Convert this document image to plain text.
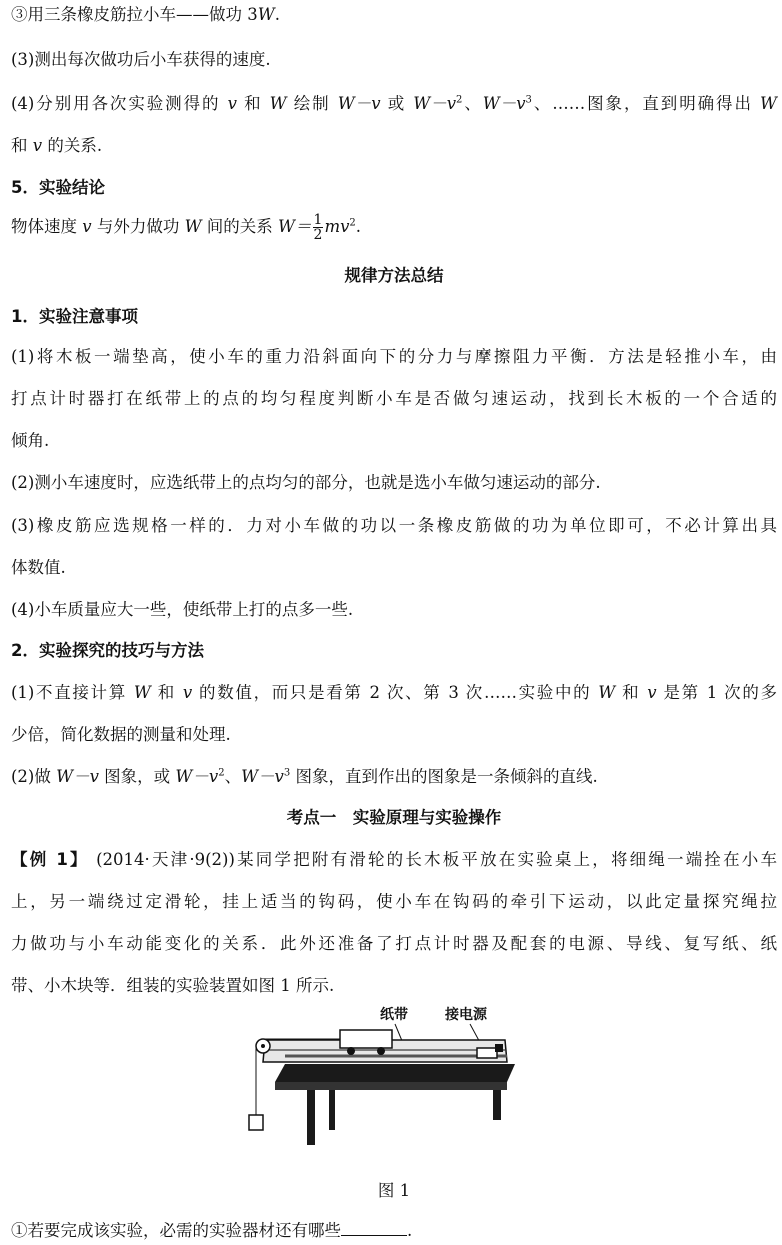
③用三条橡皮筋拉小车——做功 3W.
(3)测出每次做功后小车获得的速度.
(4)分别用各次实验测得的 v 和 W 绘制 W－v 或 $W-v^2$、$W-v^3$、……图象，直到明确得出 W
和 v 的关系.
5．实验结论
物体速度 v 与外力做功 W 间的关系 $W= \frac{1}{2} mv^2$.
规律方法总结
1．实验注意事项
(1)将木板一端垫高，使小车的重力沿斜面向下的分力与摩擦阻力平衡．方法是轻推小车，由
打点计时器打在纸带上的点的均匀程度判断小车是否做匀速运动，找到长木板的一个合适的
倾角.
(2)测小车速度时，应选纸带上的点均匀的部分，也就是选小车做匀速运动的部分.
(3)橡皮筋应选规格一样的．力对小车做的功以一条橡皮筋做的功为单位即可，不必计算出具
体数值.
(4)小车质量应大一些，使纸带上打的点多一些.
2．实验探究的技巧与方法
(1)不直接计算 W 和 v 的数值，而只是看第 2 次、第 3 次……实验中的 W 和 v 是第 1 次的多
少倍，简化数据的测量和处理.
(2)做 W－v 图象，或 $W-v^2$、$W-v^3$ 图象，直到作出的图象是一条倾斜的直线.
考点一　实验原理与实验操作
【例 1】 (2014·天津·9(2))某同学把附有滑轮的长木板平放在实验桌上，将细绳一端拴在小车
上，另一端绕过定滑轮，挂上适当的钩码，使小车在钩码的牵引下运动，以此定量探究绳拉
力做功与小车动能变化的关系．此外还准备了打点计时器及配套的电源、导线、复写纸、纸
带、小木块等．组装的实验装置如图 1 所示.
图 1
①若要完成该实验，必需的实验器材还有哪些	.
纸带	接电源
